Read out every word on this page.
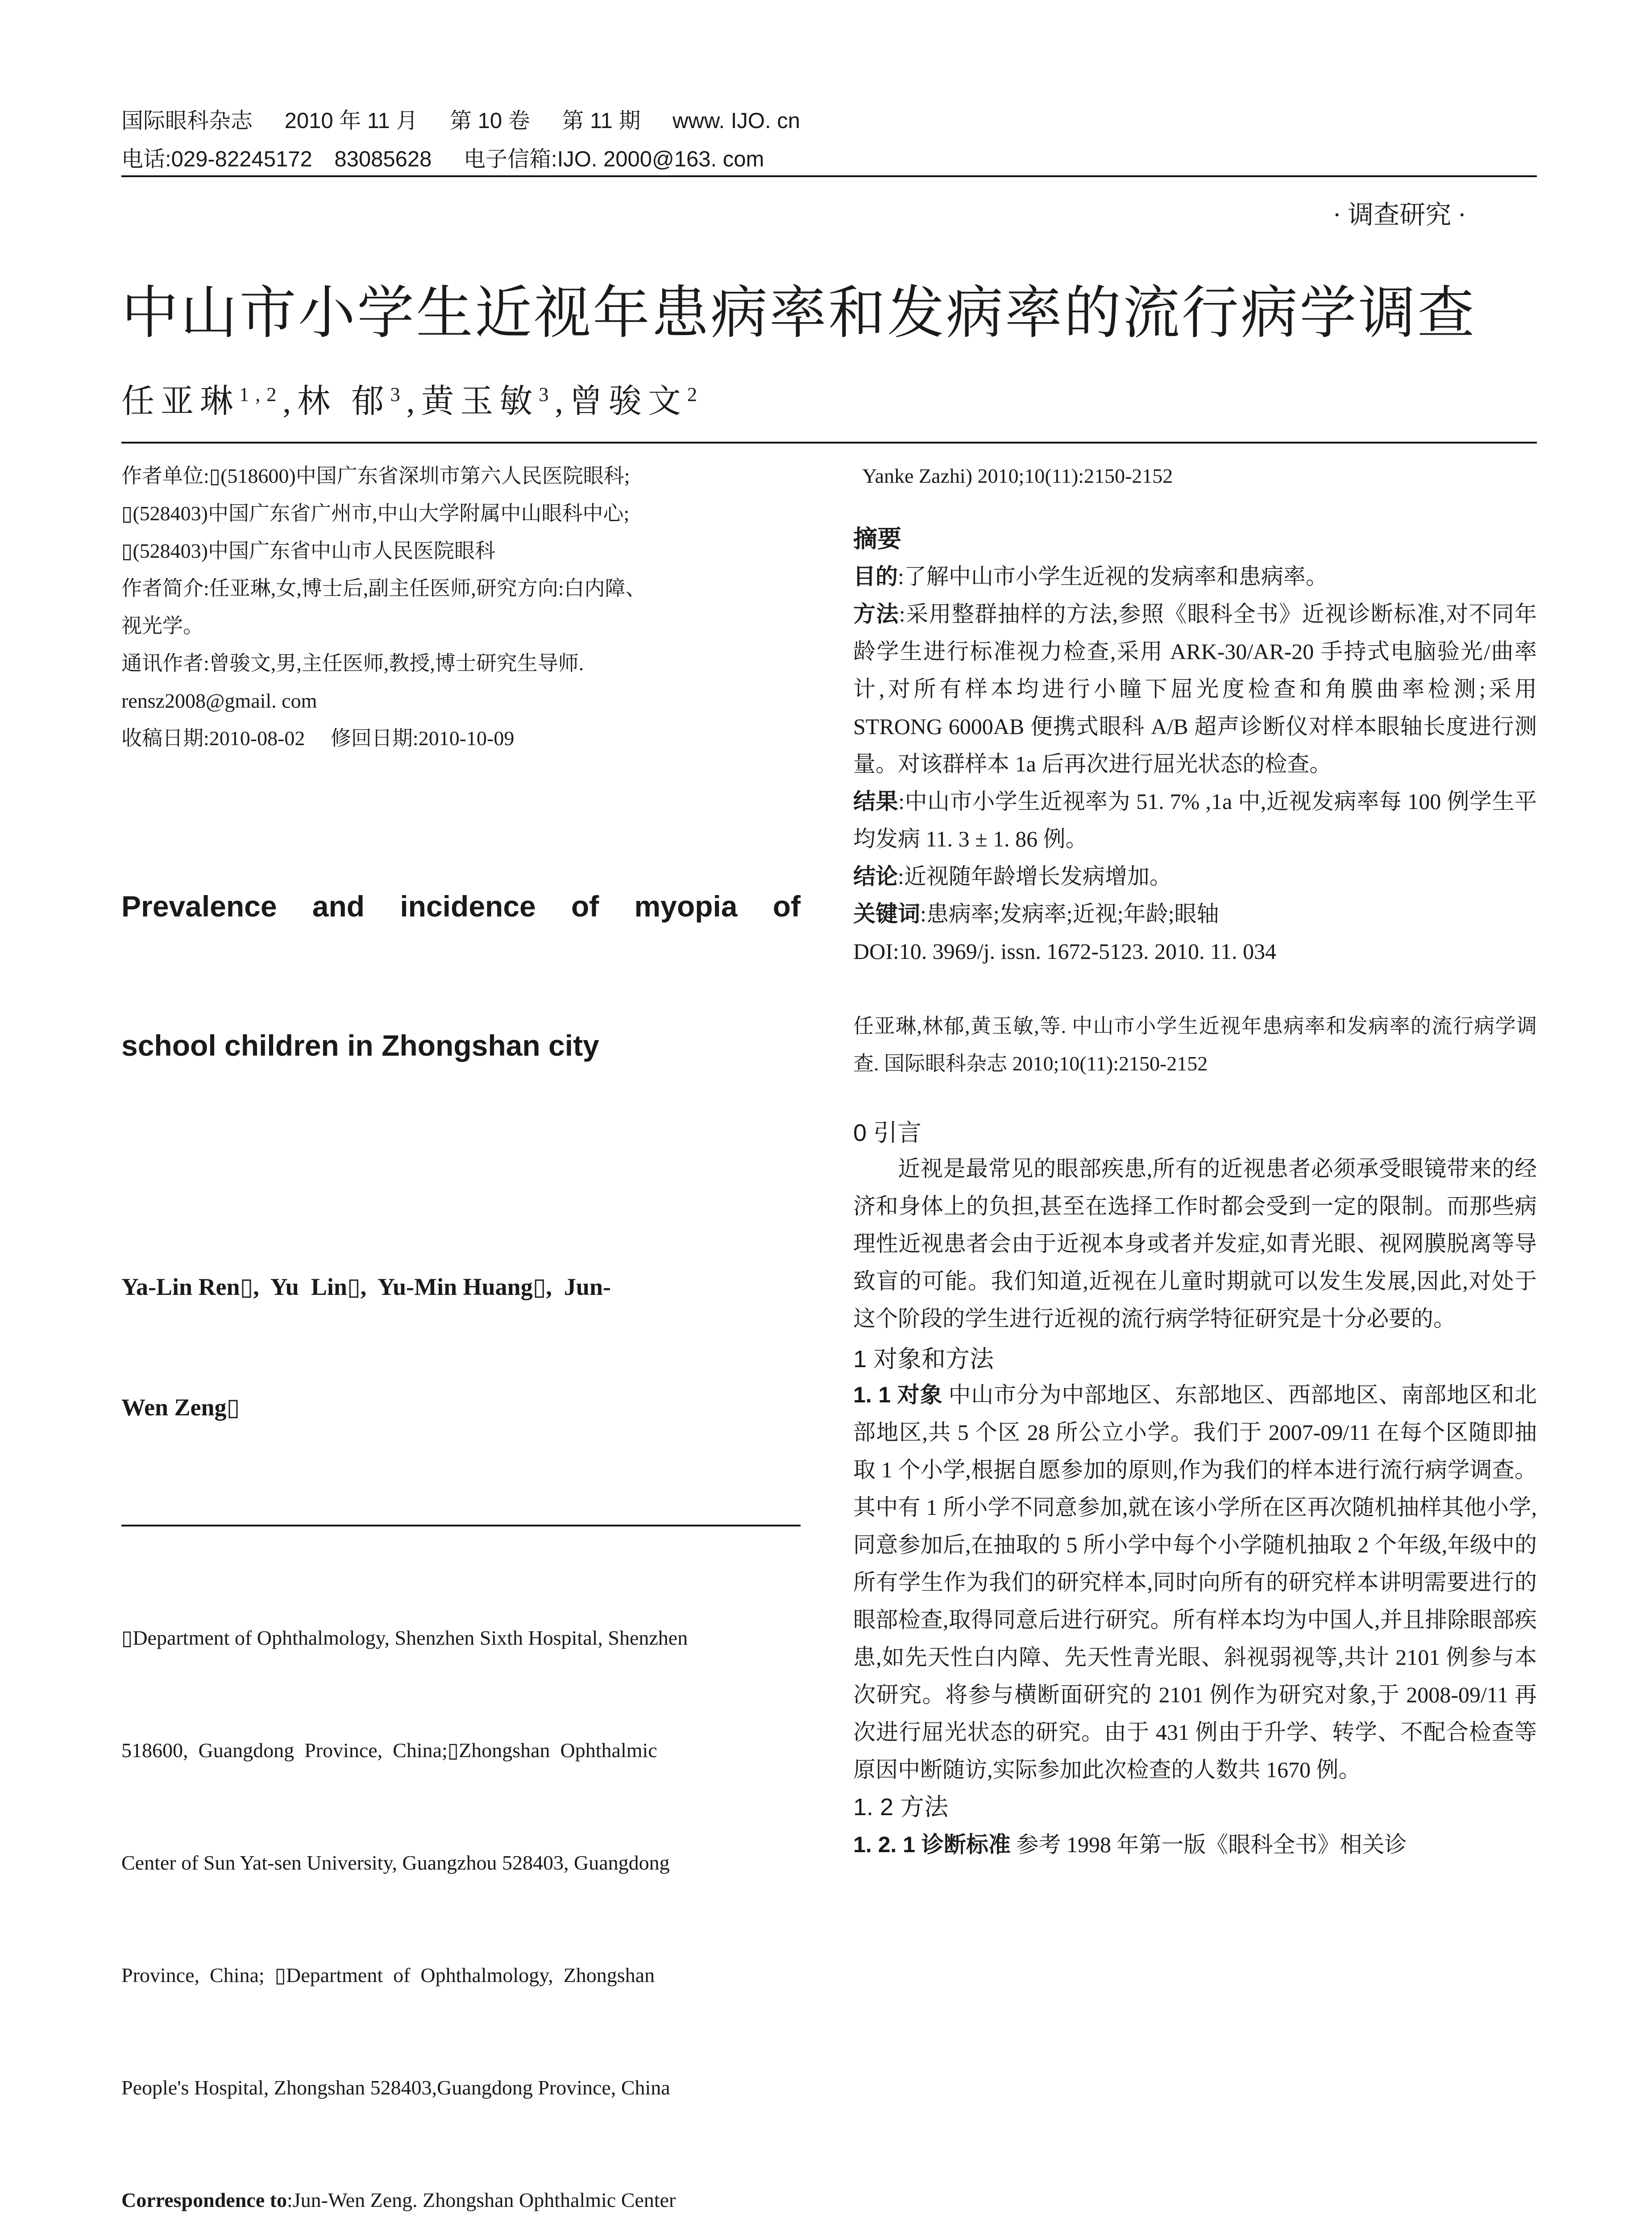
国际眼科杂志 2010 年 11 月 第 10 卷 第 11 期 www. IJO. cn
电话:029-82245172 83085628 电子信箱:IJO. 2000@163. com
· 调查研究 ·
中山市小学生近视年患病率和发病率的流行病学调查
任亚琳$^{1,2}$,林 郁$^3$,黄玉敏$^3$,曾骏文$^2$
作者单位:▯(518600)中国广东省深圳市第六人民医院眼科;
▯(528403)中国广东省广州市,中山大学附属中山眼科中心;
▯(528403)中国广东省中山市人民医院眼科
作者简介:任亚琳,女,博士后,副主任医师,研究方向:白内障、
视光学。
通讯作者:曾骏文,男,主任医师,教授,博士研究生导师.
rensz2008@gmail. com
收稿日期:2010-08-02     修回日期:2010-10-09

Prevalence  and  incidence  of  myopia  of

school children in Zhongshan city

Ya-Lin Ren▯,  Yu  Lin▯,  Yu-Min Huang▯,  Jun-

Wen Zeng▯

▯Department of Ophthalmology, Shenzhen Sixth Hospital, Shenzhen

518600,  Guangdong  Province,  China;▯Zhongshan  Ophthalmic

Center of Sun Yat-sen University, Guangzhou 528403, Guangdong

Province,  China;  ▯Department  of  Ophthalmology,  Zhongshan

People's Hospital, Zhongshan 528403,Guangdong Province, China

Correspondence to:Jun-Wen Zeng. Zhongshan Ophthalmic Center

Yanke Zazhi) 2010;10(11):2150-2152
摘要

目的:了解中山市小学生近视的发病率和患病率。

方法:采用整群抽样的方法,参照《眼科全书》近视诊断标准,对不同年龄学生进行标准视力检查,采用 ARK-30/AR-20 手持式电脑验光/曲率计,对所有样本均进行小瞳下屈光度检查和角膜曲率检测;采用 STRONG 6000AB 便携式眼科 A/B 超声诊断仪对样本眼轴长度进行测量。对该群样本 1a 后再次进行屈光状态的检查。

结果:中山市小学生近视率为 51. 7% ,1a 中,近视发病率每 100 例学生平均发病 11. 3 ± 1. 86 例。

结论:近视随年龄增长发病增加。

关键词:患病率;发病率;近视;年龄;眼轴

DOI:10. 3969/j. issn. 1672-5123. 2010. 11. 034

任亚琳,林郁,黄玉敏,等. 中山市小学生近视年患病率和发病率的流行病学调查. 国际眼科杂志 2010;10(11):2150-2152
0 引言

近视是最常见的眼部疾患,所有的近视患者必须承受眼镜带来的经济和身体上的负担,甚至在选择工作时都会受到一定的限制。而那些病理性近视患者会由于近视本身或者并发症,如青光眼、视网膜脱离等导致盲的可能。我们知道,近视在儿童时期就可以发生发展,因此,对处于这个阶段的学生进行近视的流行病学特征研究是十分必要的。

1 对象和方法

1. 1 对象 中山市分为中部地区、东部地区、西部地区、南部地区和北部地区,共 5 个区 28 所公立小学。我们于 2007-09/11 在每个区随即抽取 1 个小学,根据自愿参加的原则,作为我们的样本进行流行病学调查。其中有 1 所小学不同意参加,就在该小学所在区再次随机抽样其他小学,同意参加后,在抽取的 5 所小学中每个小学随机抽取 2 个年级,年级中的所有学生作为我们的研究样本,同时向所有的研究样本讲明需要进行的眼部检查,取得同意后进行研究。所有样本均为中国人,并且排除眼部疾患,如先天性白内障、先天性青光眼、斜视弱视等,共计 2101 例参与本次研究。将参与横断面研究的 2101 例作为研究对象,于 2008-09/11 再次进行屈光状态的研究。由于 431 例由于升学、转学、不配合检查等原因中断随访,实际参加此次检查的人数共 1670 例。

1. 2 方法

1. 2. 1 诊断标准 参考 1998 年第一版《眼科全书》相关诊
